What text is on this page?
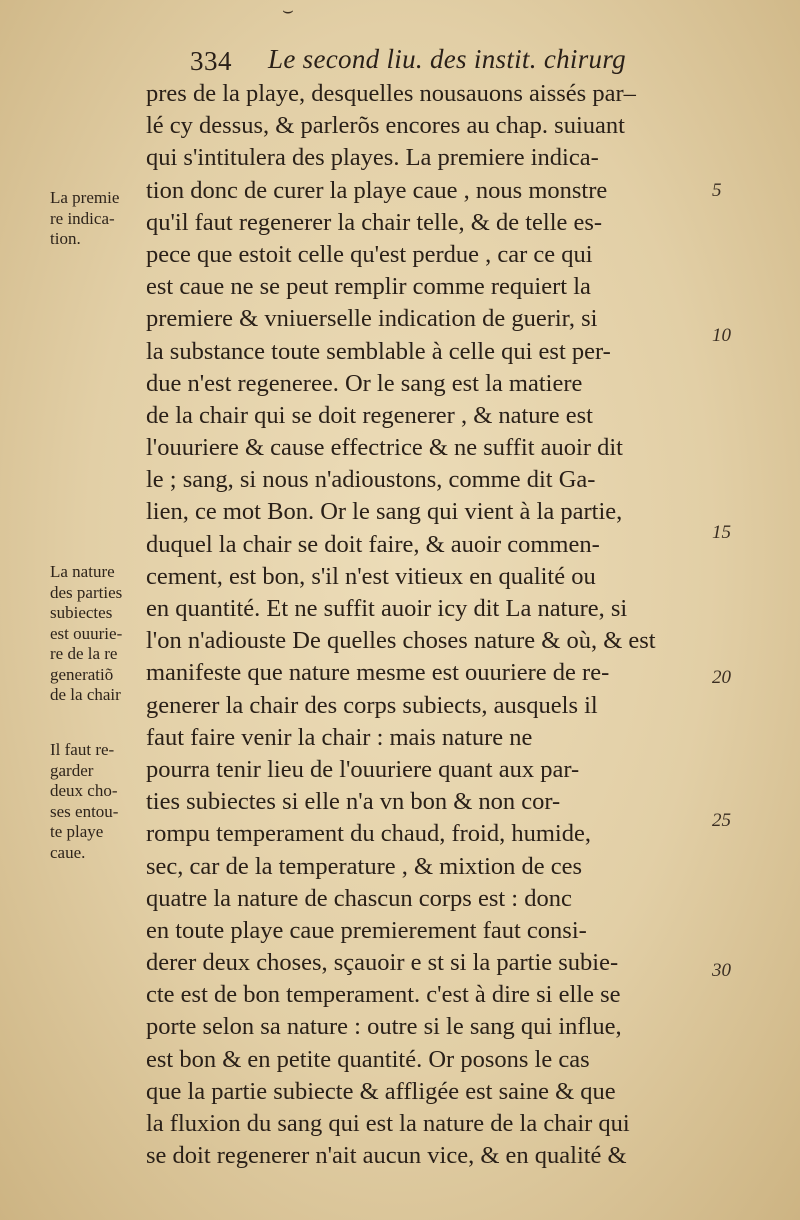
⌣
334 Le second liu. des instit. chirurg
pres de la playe, desquelles nousauons aissés par–
lé cy dessus, & parlerõs encores au chap. suiuant
qui s'intitulera des playes. La premiere indica-
tion donc de curer la playe caue , nous monstre
qu'il faut regenerer la chair telle, & de telle es-
pece que estoit celle qu'est perdue , car ce qui
est caue ne se peut remplir comme requiert la
premiere & vniuerselle indication de guerir, si
la substance toute semblable à celle qui est per-
due n'est regeneree. Or le sang est la matiere
de la chair qui se doit regenerer , & nature est
l'ouuriere & cause effectrice & ne suffit auoir dit
le ; sang, si nous n'adioustons, comme dit Ga-
lien, ce mot Bon. Or le sang qui vient à la partie,
duquel la chair se doit faire, & auoir commen-
cement, est bon, s'il n'est vitieux en qualité ou
en quantité. Et ne suffit auoir icy dit La nature, si
l'on n'adiouste De quelles choses nature & où, & est
manifeste que nature mesme est ouuriere de re-
generer la chair des corps subiects, ausquels il
faut faire venir la chair : mais nature ne
pourra tenir lieu de l'ouuriere quant aux par-
ties subiectes si elle n'a vn bon & non cor-
rompu temperament du chaud, froid, humide,
sec, car de la temperature , & mixtion de ces
quatre la nature de chascun corps est : donc
en toute playe caue premierement faut consi-
derer deux choses, sçauoir e st si la partie subie-
cte est de bon temperament. c'est à dire si elle se
porte selon sa nature : outre si le sang qui influe,
est bon & en petite quantité. Or posons le cas
que la partie subiecte & affligée est saine & que
la fluxion du sang qui est la nature de la chair qui
se doit regenerer n'ait aucun vice, & en qualité &
La premie
re indica-
tion.
La nature
des parties
subiectes
est ouurie-
re de la re
generatiõ
de la chair
Il faut re-
garder
deux cho-
ses entou-
te playe
caue.
5
10
15
20
25
30
